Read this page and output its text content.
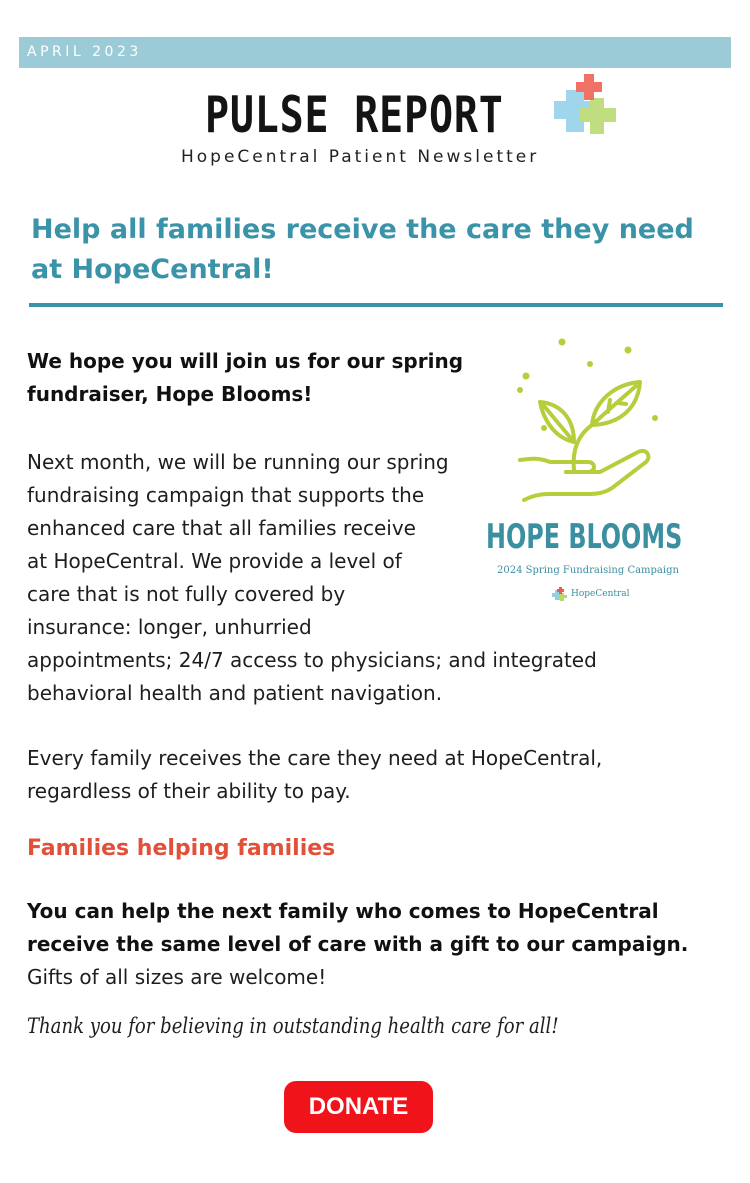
APRIL 2023
PULSE REPORT
HopeCentral Patient Newsletter
Help all families receive the care they need at HopeCentral!
We hope you will join us for our spring fundraiser, Hope Blooms!
Next month, we will be running our spring
fundraising campaign that supports the
enhanced care that all families receive
at HopeCentral. We provide a level of
care that is not fully covered by
insurance: longer, unhurried
appointments; 24/7 access to physicians; and integrated
behavioral health and patient navigation.
Every family receives the care they need at HopeCentral, regardless of their ability to pay.
HOPE BLOOMS
2024 Spring Fundraising Campaign
HopeCentral
Families helping families
You can help the next family who comes to HopeCentral receive the same level of care with a gift to our campaign. Gifts of all sizes are welcome!
Thank you for believing in outstanding health care for all!
DONATE
